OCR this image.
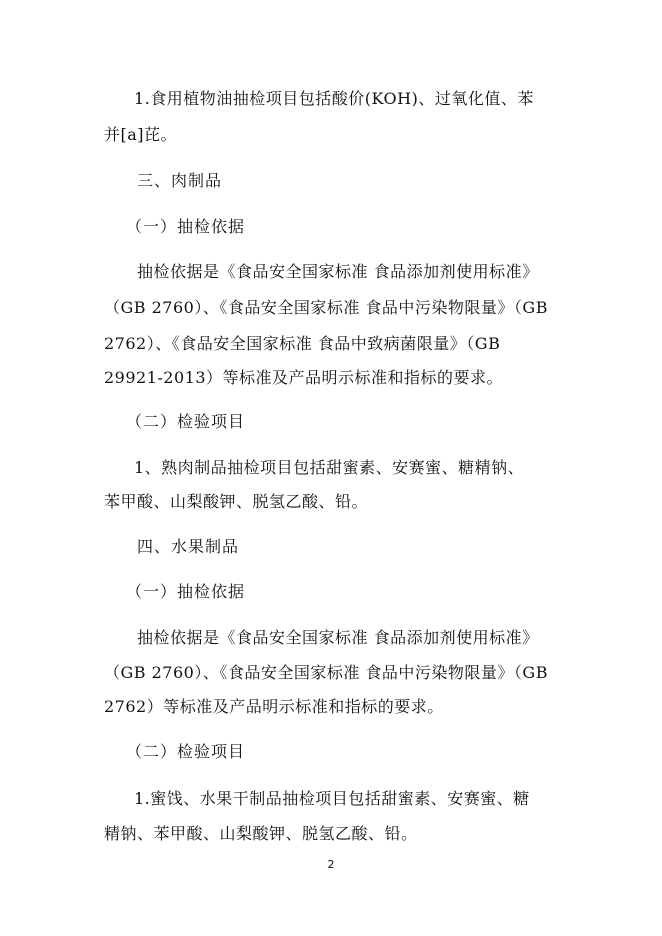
1.食用植物油抽检项目包括酸价(KOH)、过氧化值、苯
并[a]芘。
三、肉制品
（一）抽检依据
抽检依据是《食品安全国家标准 食品添加剂使用标准》
（GB 2760）、《食品安全国家标准 食品中污染物限量》（GB
2762）、《食品安全国家标准 食品中致病菌限量》（GB
29921-2013）等标准及产品明示标准和指标的要求。
（二）检验项目
1、熟肉制品抽检项目包括甜蜜素、安赛蜜、糖精钠、
苯甲酸、山梨酸钾、脱氢乙酸、铅。
四、水果制品
（一）抽检依据
抽检依据是《食品安全国家标准 食品添加剂使用标准》
（GB 2760）、《食品安全国家标准 食品中污染物限量》（GB
2762）等标准及产品明示标准和指标的要求。
（二）检验项目
1.蜜饯、水果干制品抽检项目包括甜蜜素、安赛蜜、糖
精钠、苯甲酸、山梨酸钾、脱氢乙酸、铅。
2
